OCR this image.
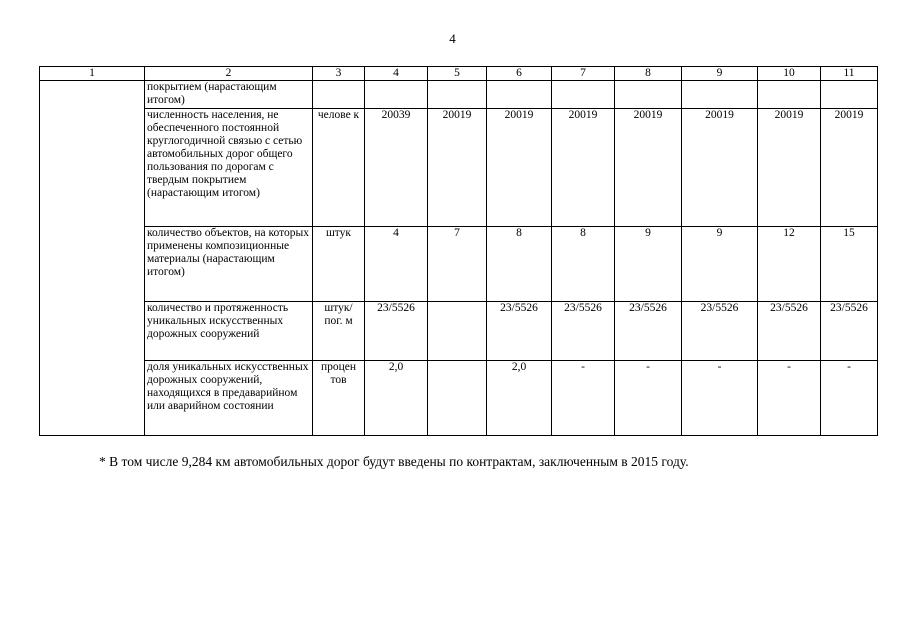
4
1	2	3	4	5	6	7	8	9	10	11
	покрытием (нарастающим итогом)									
	численность населения, не обеспеченного постоянной круглогодичной связью с сетью автомобильных дорог общего пользования по дорогам с твердым покрытием (нарастающим итогом)	челове к	20039	20019	20019	20019	20019	20019	20019	20019
	количество объектов, на которых применены композиционные материалы (нарастающим итогом)	штук	4	7	8	8	9	9	12	15
	количество и протяженность уникальных искусственных дорожных сооружений	штук/ пог. м	23/5526		23/5526	23/5526	23/5526	23/5526	23/5526	23/5526
	доля уникальных искусственных дорожных сооружений, находящихся в предаварийном или аварийном состоянии	процен тов	2,0		2,0	-	-	-	-	-
* В том числе 9,284 км автомобильных дорог будут введены по контрактам, заключенным в 2015 году.
